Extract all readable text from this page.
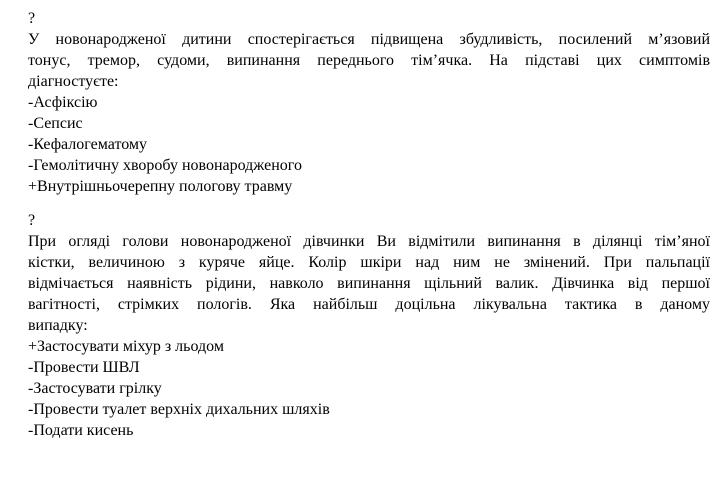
?
У новонародженої дитини спостерігається підвищена збудливість, посилений м’язовий
тонус, тремор, судоми, випинання переднього тім’ячка. На підставі цих симптомів
діагностуєте:
-Асфіксію
-Сепсис
-Кефалогематому
-Гемолітичну хворобу новонародженого
+Внутрішньочерепну пологову травму
?
При огляді голови новонародженої дівчинки Ви відмітили випинання в ділянці тім’яної
кістки, величиною з куряче яйце. Колір шкіри над ним не змінений. При пальпації
відмічається наявність рідини, навколо випинання щільний валик. Дівчинка від першої
вагітності, стрімких пологів. Яка найбільш доцільна лікувальна тактика в даному
випадку:
+Застосувати міхур з льодом
-Провести ШВЛ
-Застосувати грілку
-Провести туалет верхніх дихальних шляхів
-Подати кисень
